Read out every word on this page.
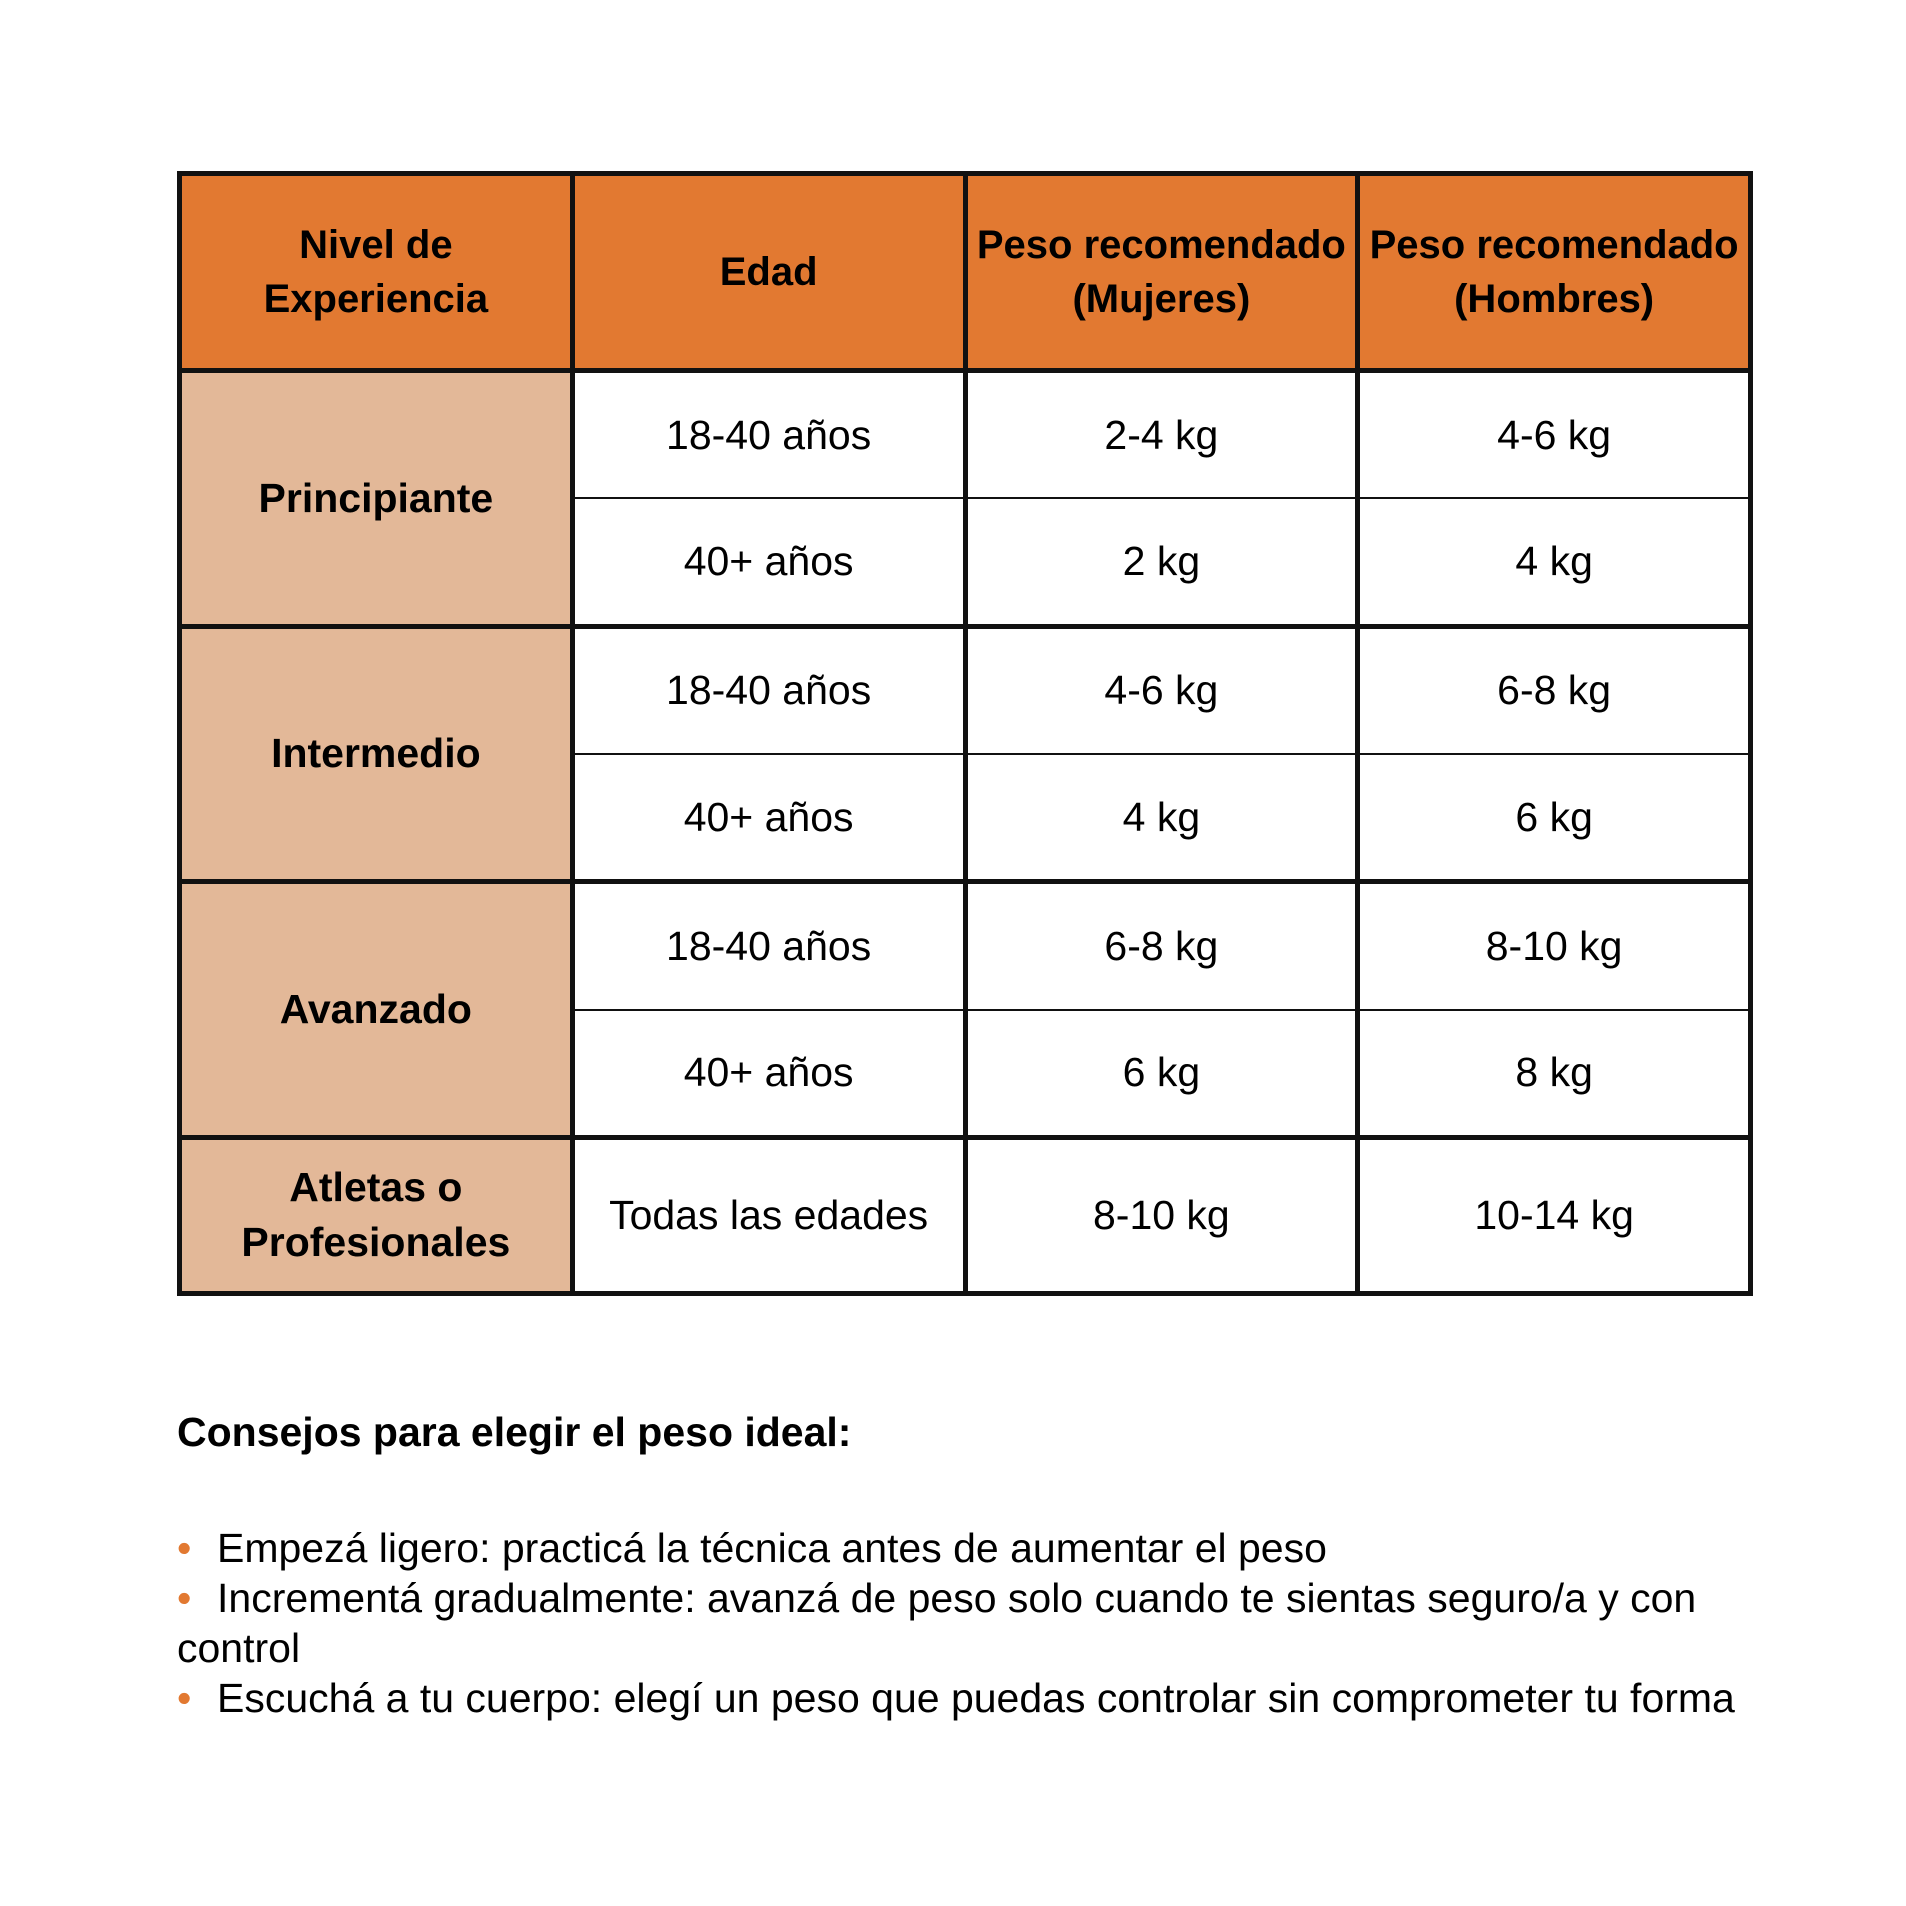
Nivel de Experiencia	Edad	Peso recomendado (Mujeres)	Peso recomendado (Hombres)
Principiante	18-40 años	2-4 kg	4-6 kg
	40+ años	2 kg	4 kg
Intermedio	18-40 años	4-6 kg	6-8 kg
	40+ años	4 kg	6 kg
Avanzado	18-40 años	6-8 kg	8-10 kg
	40+ años	6 kg	8 kg
Atletas o Profesionales	Todas las edades	8-10 kg	10-14 kg

Consejos para elegir el peso ideal:

• Empezá ligero: practicá la técnica antes de aumentar el peso
• Incrementá gradualmente: avanzá de peso solo cuando te sientas seguro/a y con control
• Escuchá a tu cuerpo: elegí un peso que puedas controlar sin comprometer tu forma
